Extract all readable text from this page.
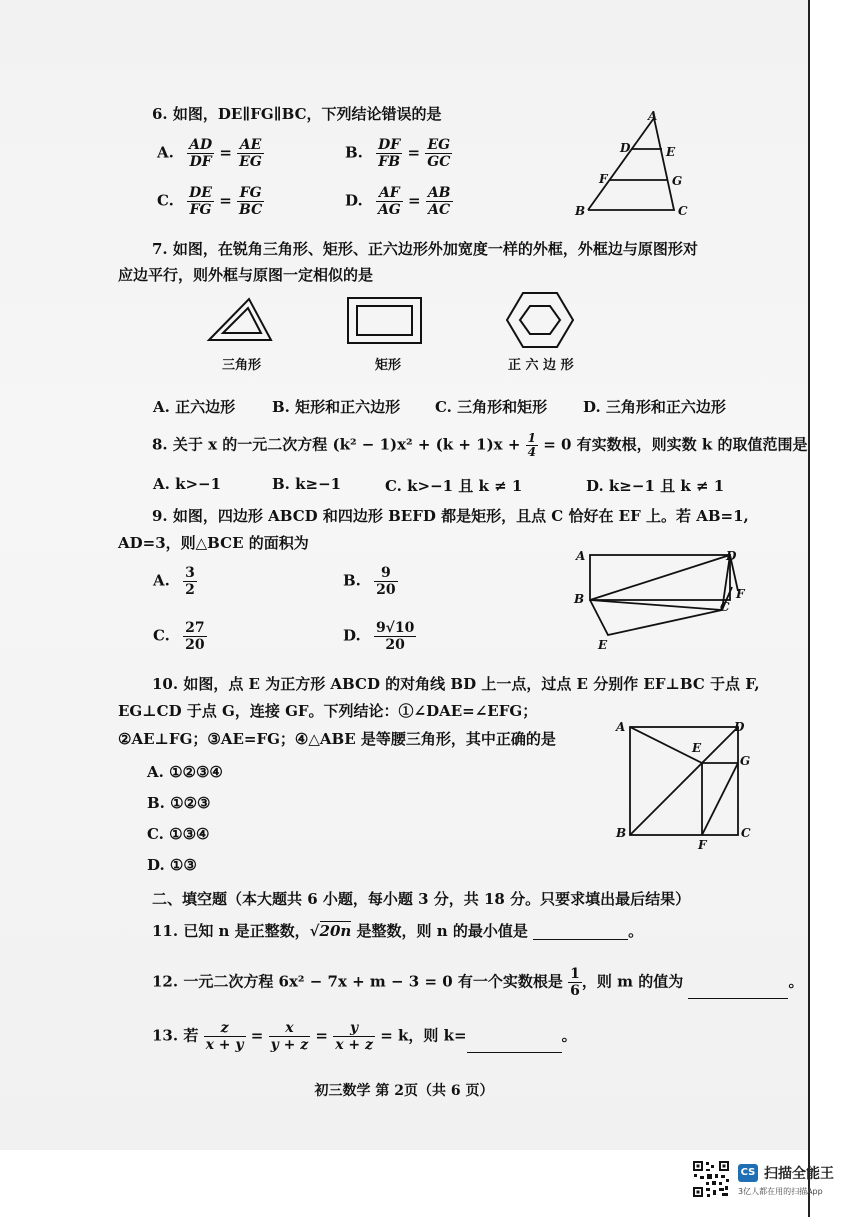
6. 如图，DE∥FG∥BC，下列结论错误的是
A. $\frac{AD}{DF} = \frac{AE}{EG}$	B. $\frac{DF}{FB} = \frac{EG}{GC}$
C. $\frac{DE}{FG} = \frac{FG}{BC}$	D. $\frac{AF}{AG} = \frac{AB}{AC}$
A
D	E
F	G
B	C
7. 如图，在锐角三角形、矩形、正六边形外加宽度一样的外框，外框边与原图形对
应边平行，则外框与原图一定相似的是
三角形	矩形	正 六 边 形
A. 正六边形 B. 矩形和正六边形 C. 三角形和矩形 D. 三角形和正六边形
8. 关于 x 的一元二次方程 $(k^2 - 1)x^2 + (k + 1)x + \frac{1}{4} = 0$ 有实数根，则实数 k 的取值范围是
A. k>−1	B. k≥−1	C. k>−1 且 k ≠ 1	D. k≥−1 且 k ≠ 1
9. 如图，四边形 ABCD 和四边形 BEFD 都是矩形，且点 C 恰好在 EF 上。若 AB=1,
AD=3，则△BCE 的面积为
A. $\frac{3}{2}$	B. $\frac{9}{20}$
C. $\frac{27}{20}$	D. $\frac{9√10}{20}$
A	D
B
C
F
E
10. 如图，点 E 为正方形 ABCD 的对角线 BD 上一点，过点 E 分别作 EF⊥BC 于点 F,
EG⊥CD 于点 G，连接 GF。下列结论：①∠DAE=∠EFG；
②AE⊥FG；③AE=FG；④△ABE 是等腰三角形，其中正确的是
A. ①②③④
B. ①②③
C. ①③④
D. ①③
A	D
E
G
B
F
C
二、填空题（本大题共 6 小题，每小题 3 分，共 18 分。只要求填出最后结果）
11. 已知 n 是正整数，√20n 是整数，则 n 的最小值是	。
12. 一元二次方程 6x² − 7x + m − 3 = 0 有一个实数根是 $\frac{1}{6}$ ，则 m 的值为	。
13. 若 $\frac{z}{x + y} = \frac{x}{y + z} = \frac{y}{x + z} = k$，则 k=	。
初三数学 第 2页（共 6 页）
CS 扫描全能王
3亿人都在用的扫描App
